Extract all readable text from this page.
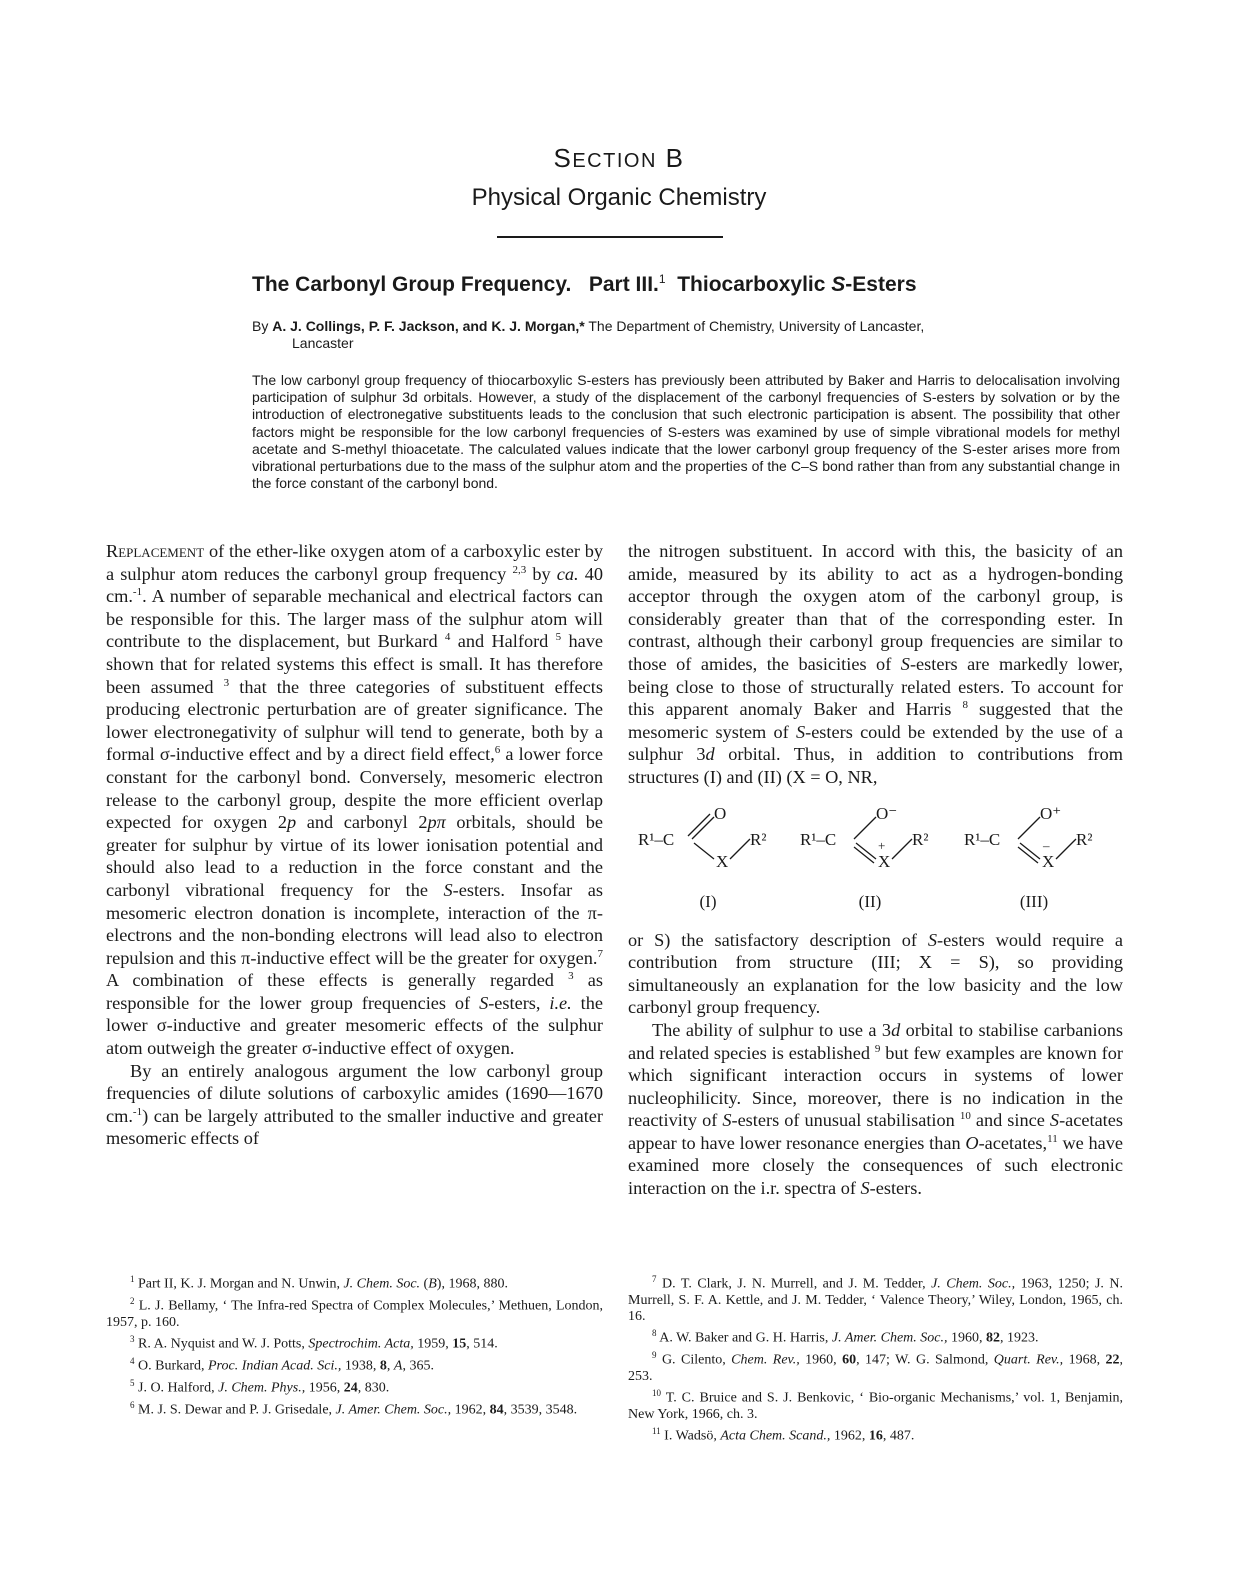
SECTION B
Physical Organic Chemistry
The Carbonyl Group Frequency. Part III.$^1$ Thiocarboxylic S-Esters
By A. J. Collings, P. F. Jackson, and K. J. Morgan,* The Department of Chemistry, University of Lancaster,
Lancaster
The low carbonyl group frequency of thiocarboxylic S-esters has previously been attributed by Baker and Harris to delocalisation involving participation of sulphur 3d orbitals. However, a study of the displacement of the carbonyl frequencies of S-esters by solvation or by the introduction of electronegative substituents leads to the conclusion that such electronic participation is absent. The possibility that other factors might be responsible for the low carbonyl frequencies of S-esters was examined by use of simple vibrational models for methyl acetate and S-methyl thioacetate. The calculated values indicate that the lower carbonyl group frequency of the S-ester arises more from vibrational perturbations due to the mass of the sulphur atom and the properties of the C–S bond rather than from any substantial change in the force constant of the carbonyl bond.

Replacement of the ether-like oxygen atom of a carboxylic ester by a sulphur atom reduces the carbonyl group frequency $^{2,3}$ by ca. 40 cm.$^{-1}$. A number of separable mechanical and electrical factors can be responsible for this. The larger mass of the sulphur atom will contribute to the displacement, but Burkard $^4$ and Halford $^5$ have shown that for related systems this effect is small. It has therefore been assumed $^3$ that the three categories of substituent effects producing electronic perturbation are of greater significance. The lower electronegativity of sulphur will tend to generate, both by a formal σ-inductive effect and by a direct field effect,$^6$ a lower force constant for the carbonyl bond. Conversely, mesomeric electron release to the carbonyl group, despite the more efficient overlap expected for oxygen 2p and carbonyl 2pπ orbitals, should be greater for sulphur by virtue of its lower ionisation potential and should also lead to a reduction in the force constant and the carbonyl vibrational frequency for the S-esters. Insofar as mesomeric electron donation is incomplete, interaction of the π-electrons and the non-bonding electrons will lead also to electron repulsion and this π-inductive effect will be the greater for oxygen.$^7$ A combination of these effects is generally regarded $^3$ as responsible for the lower group frequencies of S-esters, i.e. the lower σ-inductive and greater mesomeric effects of the sulphur atom outweigh the greater σ-inductive effect of oxygen.

By an entirely analogous argument the low carbonyl group frequencies of dilute solutions of carboxylic amides (1690—1670 cm.$^{-1}$) can be largely attributed to the smaller inductive and greater mesomeric effects of

the nitrogen substituent. In accord with this, the basicity of an amide, measured by its ability to act as a hydrogen-bonding acceptor through the oxygen atom of the carbonyl group, is considerably greater than that of the corresponding ester. In contrast, although their carbonyl group frequencies are similar to those of amides, the basicities of S-esters are markedly lower, being close to those of structurally related esters. To account for this apparent anomaly Baker and Harris $^8$ suggested that the mesomeric system of S-esters could be extended by the use of a sulphur 3d orbital. Thus, in addition to contributions from structures (I) and (II) (X = O, NR,

R¹–C
O
R²
X
(I)
R¹–C
O⁻
R²
X
+
(II)
R¹–C
O⁺
R²
X
–
(III)

or S) the satisfactory description of S-esters would require a contribution from structure (III; X = S), so providing simultaneously an explanation for the low basicity and the low carbonyl group frequency.

The ability of sulphur to use a 3d orbital to stabilise carbanions and related species is established $^9$ but few examples are known for which significant interaction occurs in systems of lower nucleophilicity. Since, moreover, there is no indication in the reactivity of S-esters of unusual stabilisation $^{10}$ and since S-acetates appear to have lower resonance energies than O-acetates,$^{11}$ we have examined more closely the consequences of such electronic interaction on the i.r. spectra of S-esters.

$^1$ Part II, K. J. Morgan and N. Unwin, J. Chem. Soc. (B), 1968, 880.

$^2$ L. J. Bellamy, ‘ The Infra-red Spectra of Complex Molecules,’ Methuen, London, 1957, p. 160.

$^3$ R. A. Nyquist and W. J. Potts, Spectrochim. Acta, 1959, 15, 514.

$^4$ O. Burkard, Proc. Indian Acad. Sci., 1938, 8, A, 365.

$^5$ J. O. Halford, J. Chem. Phys., 1956, 24, 830.

$^6$ M. J. S. Dewar and P. J. Grisedale, J. Amer. Chem. Soc., 1962, 84, 3539, 3548.

$^7$ D. T. Clark, J. N. Murrell, and J. M. Tedder, J. Chem. Soc., 1963, 1250; J. N. Murrell, S. F. A. Kettle, and J. M. Tedder, ‘ Valence Theory,’ Wiley, London, 1965, ch. 16.

$^8$ A. W. Baker and G. H. Harris, J. Amer. Chem. Soc., 1960, 82, 1923.

$^9$ G. Cilento, Chem. Rev., 1960, 60, 147; W. G. Salmond, Quart. Rev., 1968, 22, 253.

$^{10}$ T. C. Bruice and S. J. Benkovic, ‘ Bio-organic Mechanisms,’ vol. 1, Benjamin, New York, 1966, ch. 3.

$^{11}$ I. Wadsö, Acta Chem. Scand., 1962, 16, 487.
